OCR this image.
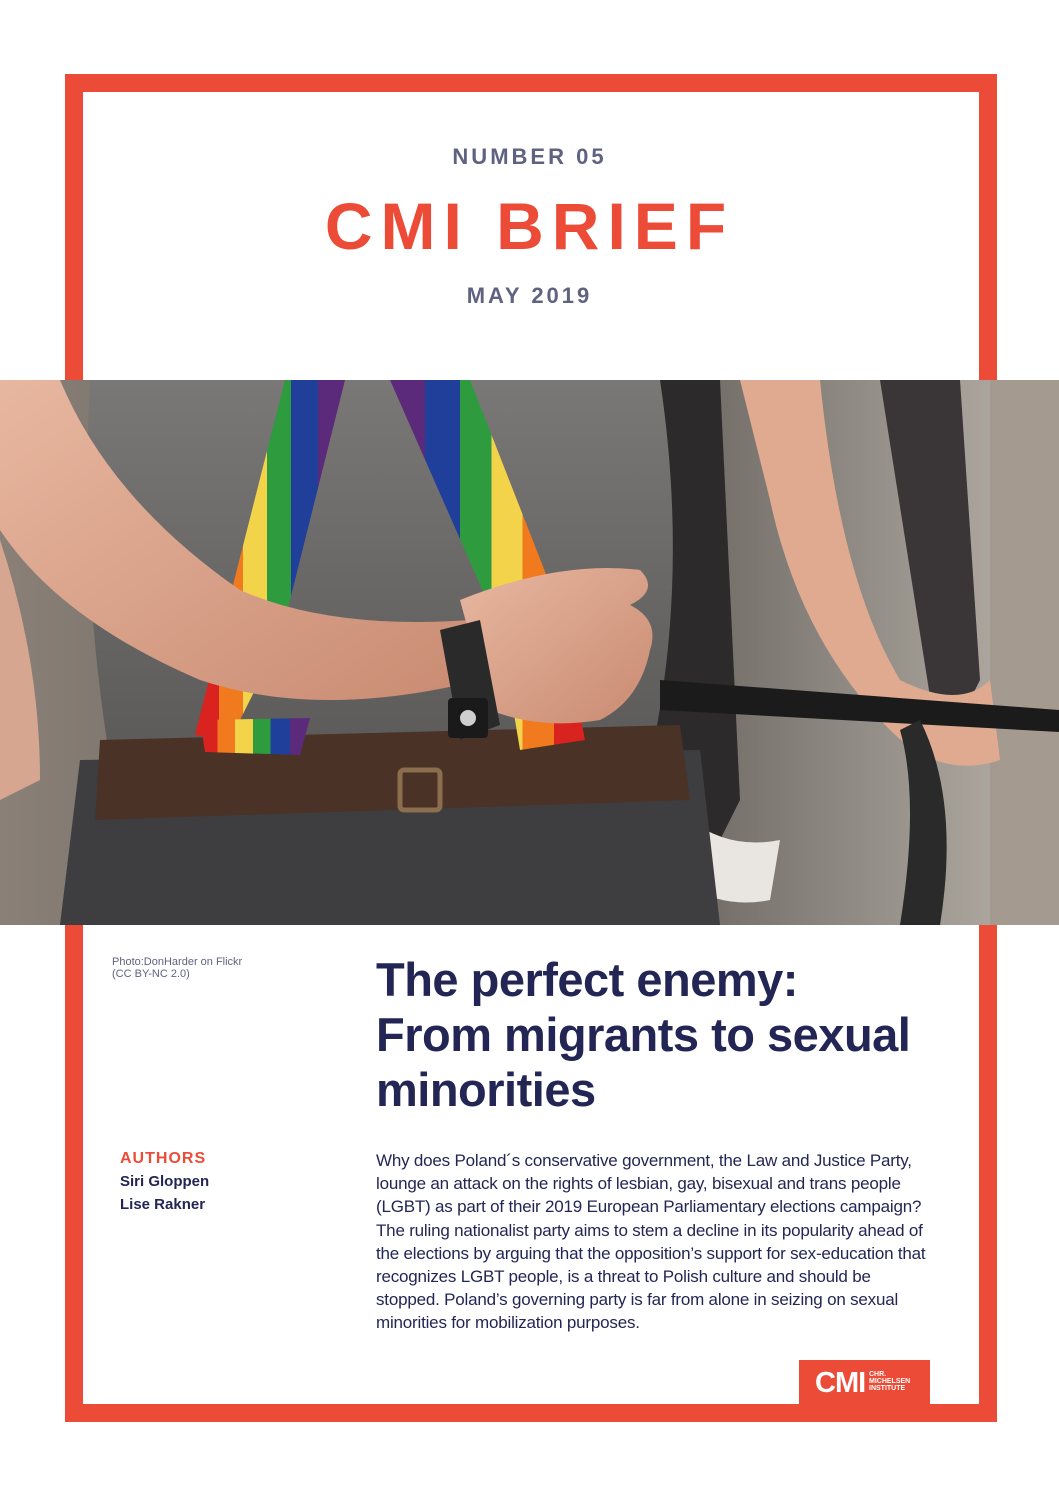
NUMBER 05
CMI BRIEF
MAY 2019
Photo:DonHarder on Flickr
(CC BY-NC 2.0)	The perfect enemy:
From migrants to sexual
minorities
AUTHORS
Siri Gloppen
Lise Rakner
Why does Poland´s conservative government, the Law and Justice Party, lounge an attack on the rights of lesbian, gay, bisexual and trans people (LGBT) as part of their 2019 European Parliamentary elections campaign? The ruling nationalist party aims to stem a decline in its popularity ahead of the elections by arguing that the opposition’s support for sex-education that recognizes LGBT people, is a threat to Polish culture and should be stopped. Poland’s governing party is far from alone in seizing on sexual minorities for mobilization purposes.
CMI CHR.
MICHELSEN
INSTITUTE
